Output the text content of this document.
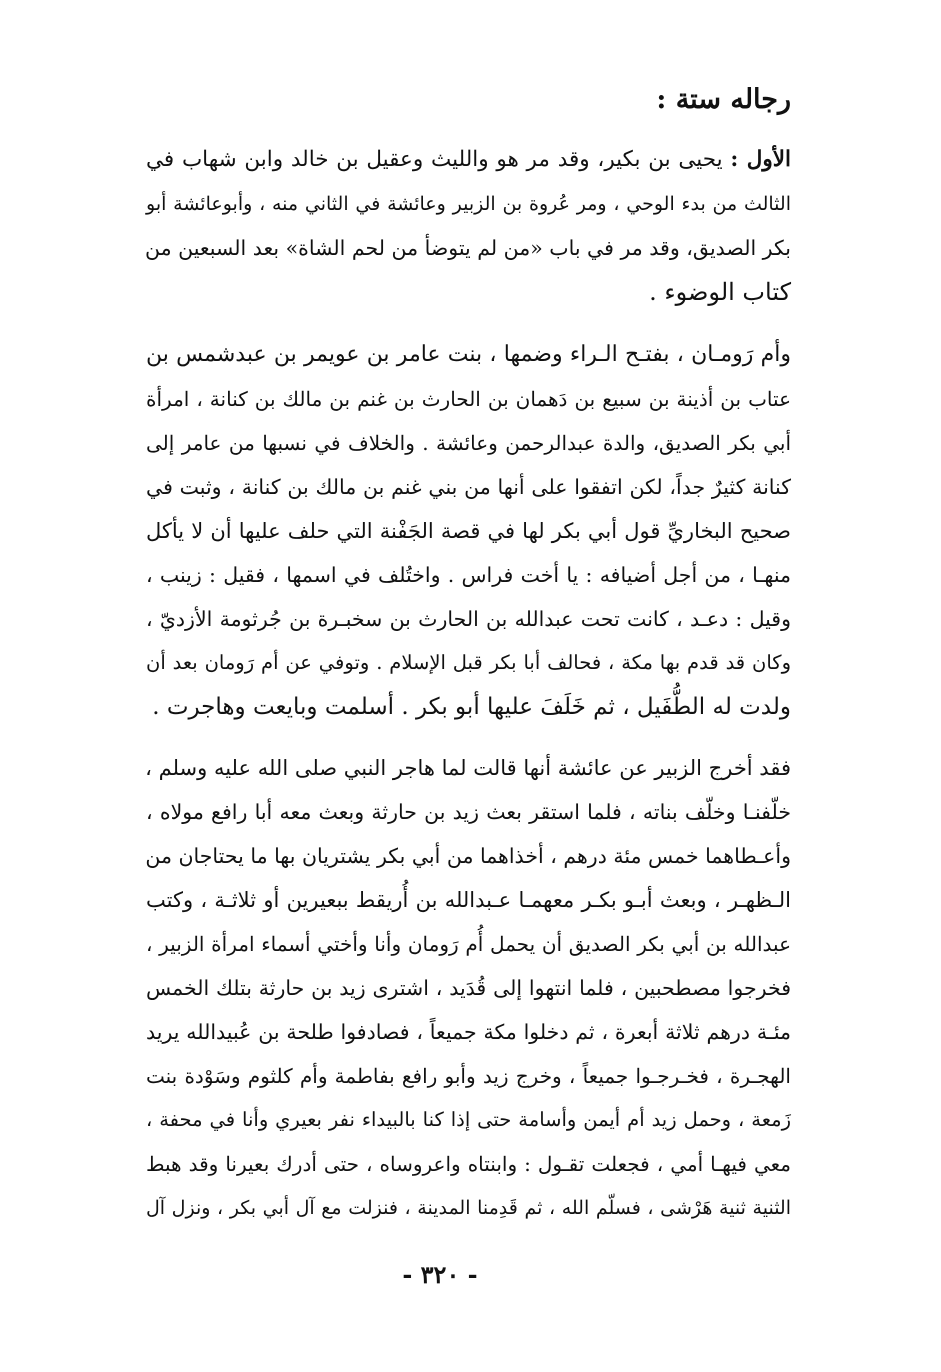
رجاله ستة :
الأول : يحيى بن بكير، وقد مر هو والليث وعقيل بن خالد وابن شهاب في
الثالث من بدء الوحي ، ومر عُروة بن الزبير وعائشة في الثاني منه ، وأبوعائشة أبو
بكر الصديق، وقد مر في باب «من لم يتوضأ من لحم الشاة» بعد السبعين من
كتاب الوضوء .
وأم رَومـان ، بفتـح الـراء وضمها ، بنت عامر بن عويمر بن عبدشمس بن
عتاب بن أذينة بن سبيع بن دَهمان بن الحارث بن غنم بن مالك بن كنانة ، امرأة
أبي بكر الصديق، والدة عبدالرحمن وعائشة . والخلاف في نسبها من عامر إلى
كنانة كثيرٌ جداً، لكن اتفقوا على أنها من بني غنم بن مالك بن كنانة ، وثبت في
صحيح البخاريِّ قول أبي بكر لها في قصة الجَفْنة التي حلف عليها أن لا يأكل
منهـا ، من أجل أضيافه : يا أخت فراس . واختُلف في اسمها ، فقيل : زينب ،
وقيل : دعـد ، كانت تحت عبدالله بن الحارث بن سخبـرة بن جُرثومة الأزديّ ،
وكان قد قدم بها مكة ، فحالف أبا بكر قبل الإسلام . وتوفي عن أم رَومان بعد أن
ولدت له الطُّفَيل ، ثم خَلَفَ عليها أبو بكر . أسلمت وبايعت وهاجرت .
فقد أخرج الزبير عن عائشة أنها قالت لما هاجر النبي صلى الله عليه وسلم ،
خلّفنـا وخلّف بناته ، فلما استقر بعث زيد بن حارثة وبعث معه أبا رافع مولاه ،
وأعـطاهما خمس مئة درهم ، أخذاهما من أبي بكر يشتريان بها ما يحتاجان من
الـظهـر ، وبعث أبـو بكـر معهمـا عـبدالله بن أُريقط ببعيرين أو ثلاثـة ، وكتب
عبدالله بن أبي بكر الصديق أن يحمل أُم رَومان وأنا وأختي أسماء امرأة الزبير ،
فخرجوا مصطحبين ، فلما انتهوا إلى قُدَيد ، اشترى زيد بن حارثة بتلك الخمس
مئـة درهم ثلاثة أبعرة ، ثم دخلوا مكة جميعاً ، فصادفوا طلحة بن عُبيدالله يريد
الهجـرة ، فخـرجـوا جميعاً ، وخرج زيد وأبو رافع بفاطمة وأم كلثوم وسَوْدة بنت
زَمعة ، وحمل زيد أم أيمن وأسامة حتى إذا كنا بالبيداء نفر بعيري وأنا في محفة ،
معي فيهـا أمي ، فجعلت تقـول : وابنتاه واعروساه ، حتى أدرك بعيرنا وقد هبط
الثنية ثنية هَرْشى ، فسلّم الله ، ثم قَدِمنا المدينة ، فنزلت مع آل أبي بكر ، ونزل آل
- ٣٢٠ -
